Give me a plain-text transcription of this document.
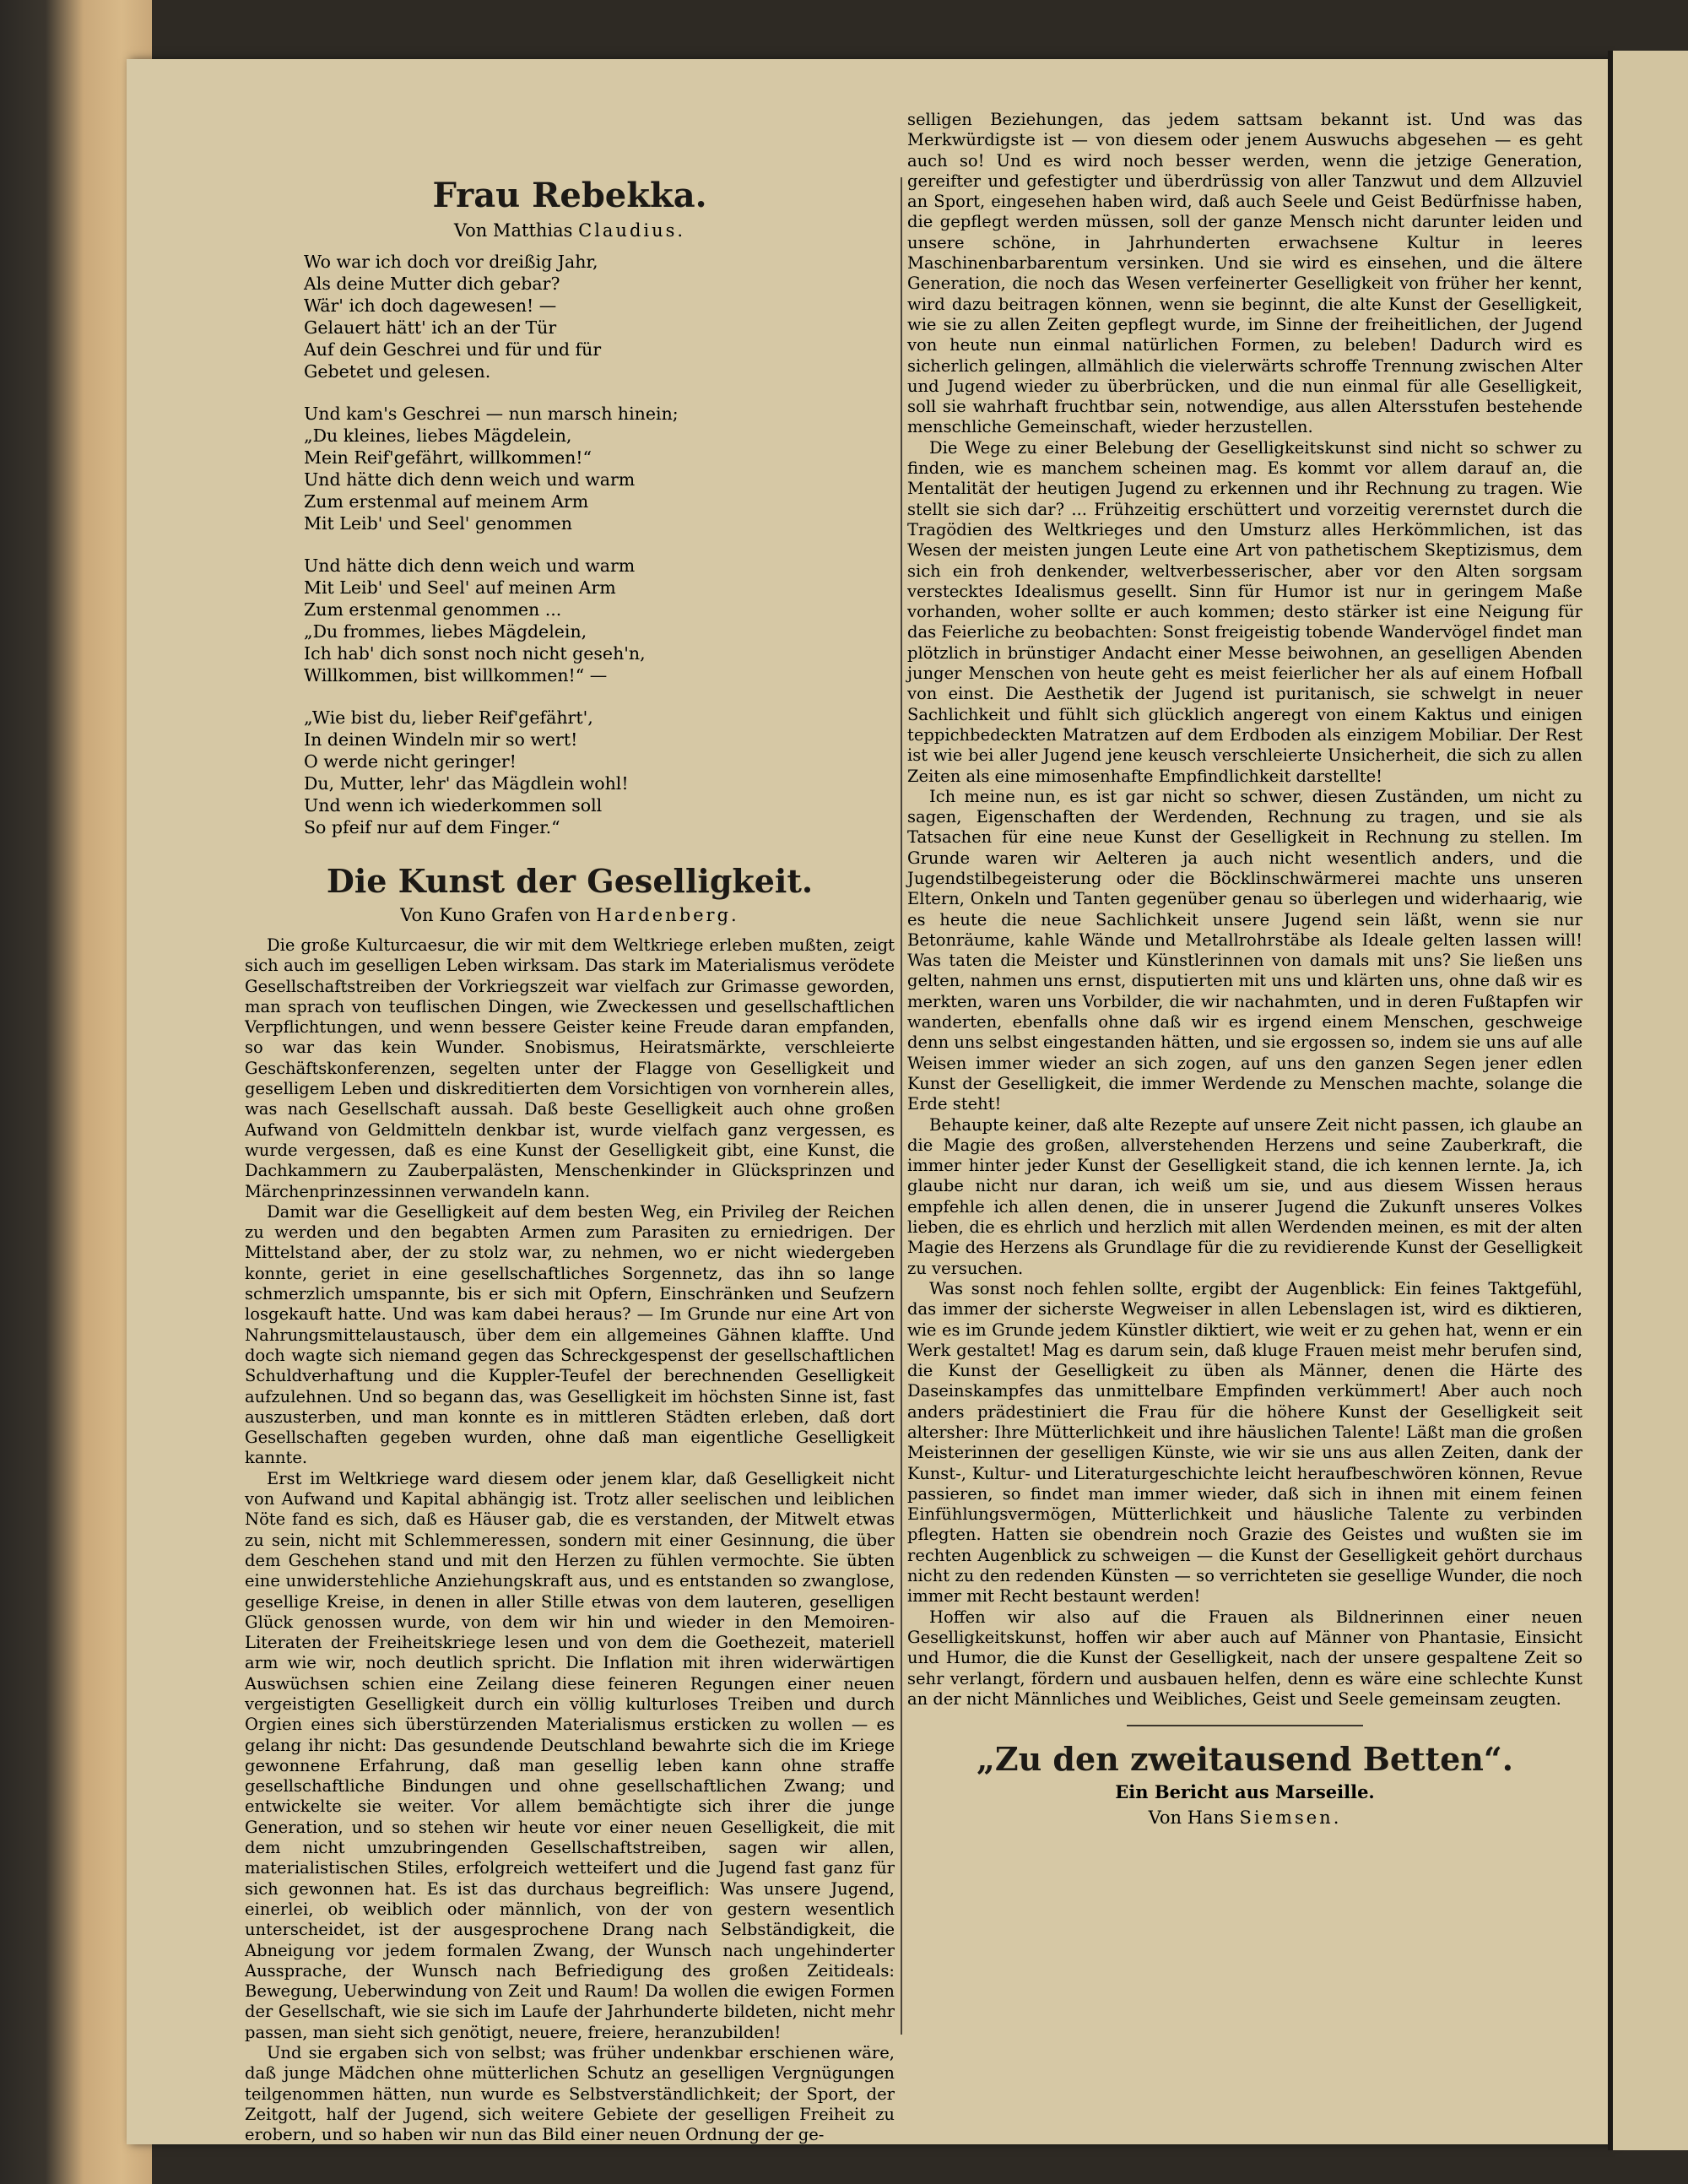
Frau Rebekka.
Von Matthias Claudius.
Wo war ich doch vor dreißig Jahr,
Als deine Mutter dich gebar?
Wär' ich doch dagewesen! —
Gelauert hätt' ich an der Tür
Auf dein Geschrei und für und für
Gebetet und gelesen.
Und kam's Geschrei — nun marsch hinein;
„Du kleines, liebes Mägdelein,
Mein Reif'gefährt, willkommen!“
Und hätte dich denn weich und warm
Zum erstenmal auf meinem Arm
Mit Leib' und Seel' genommen
Und hätte dich denn weich und warm
Mit Leib' und Seel' auf meinen Arm
Zum erstenmal genommen ...
„Du frommes, liebes Mägdelein,
Ich hab' dich sonst noch nicht geseh'n,
Willkommen, bist willkommen!“ —
„Wie bist du, lieber Reif'gefährt',
In deinen Windeln mir so wert!
O werde nicht geringer!
Du, Mutter, lehr' das Mägdlein wohl!
Und wenn ich wiederkommen soll
So pfeif nur auf dem Finger.“
Die Kunst der Geselligkeit.
Von Kuno Grafen von Hardenberg.

Die große Kulturcaesur, die wir mit dem Weltkriege erleben mußten, zeigt sich auch im geselligen Leben wirksam. Das stark im Materialismus verödete Gesellschaftstreiben der Vorkriegszeit war vielfach zur Grimasse geworden, man sprach von teuflischen Dingen, wie Zweckessen und gesellschaftlichen Verpflichtungen, und wenn bessere Geister keine Freude daran empfanden, so war das kein Wunder. Snobismus, Heiratsmärkte, verschleierte Geschäftskonferenzen, segelten unter der Flagge von Geselligkeit und geselligem Leben und diskreditierten dem Vorsichtigen von vornherein alles, was nach Gesellschaft aussah. Daß beste Geselligkeit auch ohne großen Aufwand von Geldmitteln denkbar ist, wurde vielfach ganz vergessen, es wurde vergessen, daß es eine Kunst der Geselligkeit gibt, eine Kunst, die Dachkammern zu Zauberpalästen, Menschenkinder in Glücksprinzen und Märchenprinzessinnen verwandeln kann.

Damit war die Geselligkeit auf dem besten Weg, ein Privileg der Reichen zu werden und den begabten Armen zum Parasiten zu erniedrigen. Der Mittelstand aber, der zu stolz war, zu nehmen, wo er nicht wiedergeben konnte, geriet in eine gesellschaftliches Sorgennetz, das ihn so lange schmerzlich umspannte, bis er sich mit Opfern, Einschränken und Seufzern losgekauft hatte. Und was kam dabei heraus? — Im Grunde nur eine Art von Nahrungsmittelaustausch, über dem ein allgemeines Gähnen klaffte. Und doch wagte sich niemand gegen das Schreckgespenst der gesellschaftlichen Schuldverhaftung und die Kuppler-Teufel der berechnenden Geselligkeit aufzulehnen. Und so begann das, was Geselligkeit im höchsten Sinne ist, fast auszusterben, und man konnte es in mittleren Städten erleben, daß dort Gesellschaften gegeben wurden, ohne daß man eigentliche Geselligkeit kannte.

Erst im Weltkriege ward diesem oder jenem klar, daß Geselligkeit nicht von Aufwand und Kapital abhängig ist. Trotz aller seelischen und leiblichen Nöte fand es sich, daß es Häuser gab, die es verstanden, der Mitwelt etwas zu sein, nicht mit Schlemmeressen, sondern mit einer Gesinnung, die über dem Geschehen stand und mit den Herzen zu fühlen vermochte. Sie übten eine unwiderstehliche Anziehungskraft aus, und es entstanden so zwanglose, gesellige Kreise, in denen in aller Stille etwas von dem lauteren, geselligen Glück genossen wurde, von dem wir hin und wieder in den Memoiren-Literaten der Freiheitskriege lesen und von dem die Goethezeit, materiell arm wie wir, noch deutlich spricht. Die Inflation mit ihren widerwärtigen Auswüchsen schien eine Zeilang diese feineren Regungen einer neuen vergeistigten Geselligkeit durch ein völlig kulturloses Treiben und durch Orgien eines sich überstürzenden Materialismus ersticken zu wollen — es gelang ihr nicht: Das gesundende Deutschland bewahrte sich die im Kriege gewonnene Erfahrung, daß man gesellig leben kann ohne straffe gesellschaftliche Bindungen und ohne gesellschaftlichen Zwang; und entwickelte sie weiter. Vor allem bemächtigte sich ihrer die junge Generation, und so stehen wir heute vor einer neuen Geselligkeit, die mit dem nicht umzubringenden Gesellschaftstreiben, sagen wir allen, materialistischen Stiles, erfolgreich wetteifert und die Jugend fast ganz für sich gewonnen hat. Es ist das durchaus begreiflich: Was unsere Jugend, einerlei, ob weiblich oder männlich, von der von gestern wesentlich unterscheidet, ist der ausgesprochene Drang nach Selbständigkeit, die Abneigung vor jedem formalen Zwang, der Wunsch nach ungehinderter Aussprache, der Wunsch nach Befriedigung des großen Zeitideals: Bewegung, Ueberwindung von Zeit und Raum! Da wollen die ewigen Formen der Gesellschaft, wie sie sich im Laufe der Jahrhunderte bildeten, nicht mehr passen, man sieht sich genötigt, neuere, freiere, heranzubilden!

Und sie ergaben sich von selbst; was früher undenkbar erschienen wäre, daß junge Mädchen ohne mütterlichen Schutz an geselligen Vergnügungen teilgenommen hätten, nun wurde es Selbstverständlichkeit; der Sport, der Zeitgott, half der Jugend, sich weitere Gebiete der geselligen Freiheit zu erobern, und so haben wir nun das Bild einer neuen Ordnung der ge-

selligen Beziehungen, das jedem sattsam bekannt ist. Und was das Merkwürdigste ist — von diesem oder jenem Auswuchs abgesehen — es geht auch so! Und es wird noch besser werden, wenn die jetzige Generation, gereifter und gefestigter und überdrüssig von aller Tanzwut und dem Allzuviel an Sport, eingesehen haben wird, daß auch Seele und Geist Bedürfnisse haben, die gepflegt werden müssen, soll der ganze Mensch nicht darunter leiden und unsere schöne, in Jahrhunderten erwachsene Kultur in leeres Maschinenbarbarentum versinken. Und sie wird es einsehen, und die ältere Generation, die noch das Wesen verfeinerter Geselligkeit von früher her kennt, wird dazu beitragen können, wenn sie beginnt, die alte Kunst der Geselligkeit, wie sie zu allen Zeiten gepflegt wurde, im Sinne der freiheitlichen, der Jugend von heute nun einmal natürlichen Formen, zu beleben! Dadurch wird es sicherlich gelingen, allmählich die vielerwärts schroffe Trennung zwischen Alter und Jugend wieder zu überbrücken, und die nun einmal für alle Geselligkeit, soll sie wahrhaft fruchtbar sein, notwendige, aus allen Altersstufen bestehende menschliche Gemeinschaft, wieder herzustellen.

Die Wege zu einer Belebung der Geselligkeitskunst sind nicht so schwer zu finden, wie es manchem scheinen mag. Es kommt vor allem darauf an, die Mentalität der heutigen Jugend zu erkennen und ihr Rechnung zu tragen. Wie stellt sie sich dar? ... Frühzeitig erschüttert und vorzeitig verernstet durch die Tragödien des Weltkrieges und den Umsturz alles Herkömmlichen, ist das Wesen der meisten jungen Leute eine Art von pathetischem Skeptizismus, dem sich ein froh denkender, weltverbesserischer, aber vor den Alten sorgsam verstecktes Idealismus gesellt. Sinn für Humor ist nur in geringem Maße vorhanden, woher sollte er auch kommen; desto stärker ist eine Neigung für das Feierliche zu beobachten: Sonst freigeistig tobende Wandervögel findet man plötzlich in brünstiger Andacht einer Messe beiwohnen, an geselligen Abenden junger Menschen von heute geht es meist feierlicher her als auf einem Hofball von einst. Die Aesthetik der Jugend ist puritanisch, sie schwelgt in neuer Sachlichkeit und fühlt sich glücklich angeregt von einem Kaktus und einigen teppichbedeckten Matratzen auf dem Erdboden als einzigem Mobiliar. Der Rest ist wie bei aller Jugend jene keusch verschleierte Unsicherheit, die sich zu allen Zeiten als eine mimosenhafte Empfindlichkeit darstellte!

Ich meine nun, es ist gar nicht so schwer, diesen Zuständen, um nicht zu sagen, Eigenschaften der Werdenden, Rechnung zu tragen, und sie als Tatsachen für eine neue Kunst der Geselligkeit in Rechnung zu stellen. Im Grunde waren wir Aelteren ja auch nicht wesentlich anders, und die Jugendstilbegeisterung oder die Böcklinschwärmerei machte uns unseren Eltern, Onkeln und Tanten gegenüber genau so überlegen und widerhaarig, wie es heute die neue Sachlichkeit unsere Jugend sein läßt, wenn sie nur Betonräume, kahle Wände und Metallrohrstäbe als Ideale gelten lassen will! Was taten die Meister und Künstlerinnen von damals mit uns? Sie ließen uns gelten, nahmen uns ernst, disputierten mit uns und klärten uns, ohne daß wir es merkten, waren uns Vorbilder, die wir nachahmten, und in deren Fußtapfen wir wanderten, ebenfalls ohne daß wir es irgend einem Menschen, geschweige denn uns selbst eingestanden hätten, und sie ergossen so, indem sie uns auf alle Weisen immer wieder an sich zogen, auf uns den ganzen Segen jener edlen Kunst der Geselligkeit, die immer Werdende zu Menschen machte, solange die Erde steht!

Behaupte keiner, daß alte Rezepte auf unsere Zeit nicht passen, ich glaube an die Magie des großen, allverstehenden Herzens und seine Zauberkraft, die immer hinter jeder Kunst der Geselligkeit stand, die ich kennen lernte. Ja, ich glaube nicht nur daran, ich weiß um sie, und aus diesem Wissen heraus empfehle ich allen denen, die in unserer Jugend die Zukunft unseres Volkes lieben, die es ehrlich und herzlich mit allen Werdenden meinen, es mit der alten Magie des Herzens als Grundlage für die zu revidierende Kunst der Geselligkeit zu versuchen.

Was sonst noch fehlen sollte, ergibt der Augenblick: Ein feines Taktgefühl, das immer der sicherste Wegweiser in allen Lebenslagen ist, wird es diktieren, wie es im Grunde jedem Künstler diktiert, wie weit er zu gehen hat, wenn er ein Werk gestaltet! Mag es darum sein, daß kluge Frauen meist mehr berufen sind, die Kunst der Geselligkeit zu üben als Männer, denen die Härte des Daseinskampfes das unmittelbare Empfinden verkümmert! Aber auch noch anders prädestiniert die Frau für die höhere Kunst der Geselligkeit seit altersher: Ihre Mütterlichkeit und ihre häuslichen Talente! Läßt man die großen Meisterinnen der geselligen Künste, wie wir sie uns aus allen Zeiten, dank der Kunst-, Kultur- und Literaturgeschichte leicht heraufbeschwören können, Revue passieren, so findet man immer wieder, daß sich in ihnen mit einem feinen Einfühlungsvermögen, Mütterlichkeit und häusliche Talente zu verbinden pflegten. Hatten sie obendrein noch Grazie des Geistes und wußten sie im rechten Augenblick zu schweigen — die Kunst der Geselligkeit gehört durchaus nicht zu den redenden Künsten — so verrichteten sie gesellige Wunder, die noch immer mit Recht bestaunt werden!

Hoffen wir also auf die Frauen als Bildnerinnen einer neuen Geselligkeitskunst, hoffen wir aber auch auf Männer von Phantasie, Einsicht und Humor, die die Kunst der Geselligkeit, nach der unsere gespaltene Zeit so sehr verlangt, fördern und ausbauen helfen, denn es wäre eine schlechte Kunst an der nicht Männliches und Weibliches, Geist und Seele gemeinsam zeugten.

„Zu den zweitausend Betten“.
Ein Bericht aus Marseille.
Von Hans Siemsen.
